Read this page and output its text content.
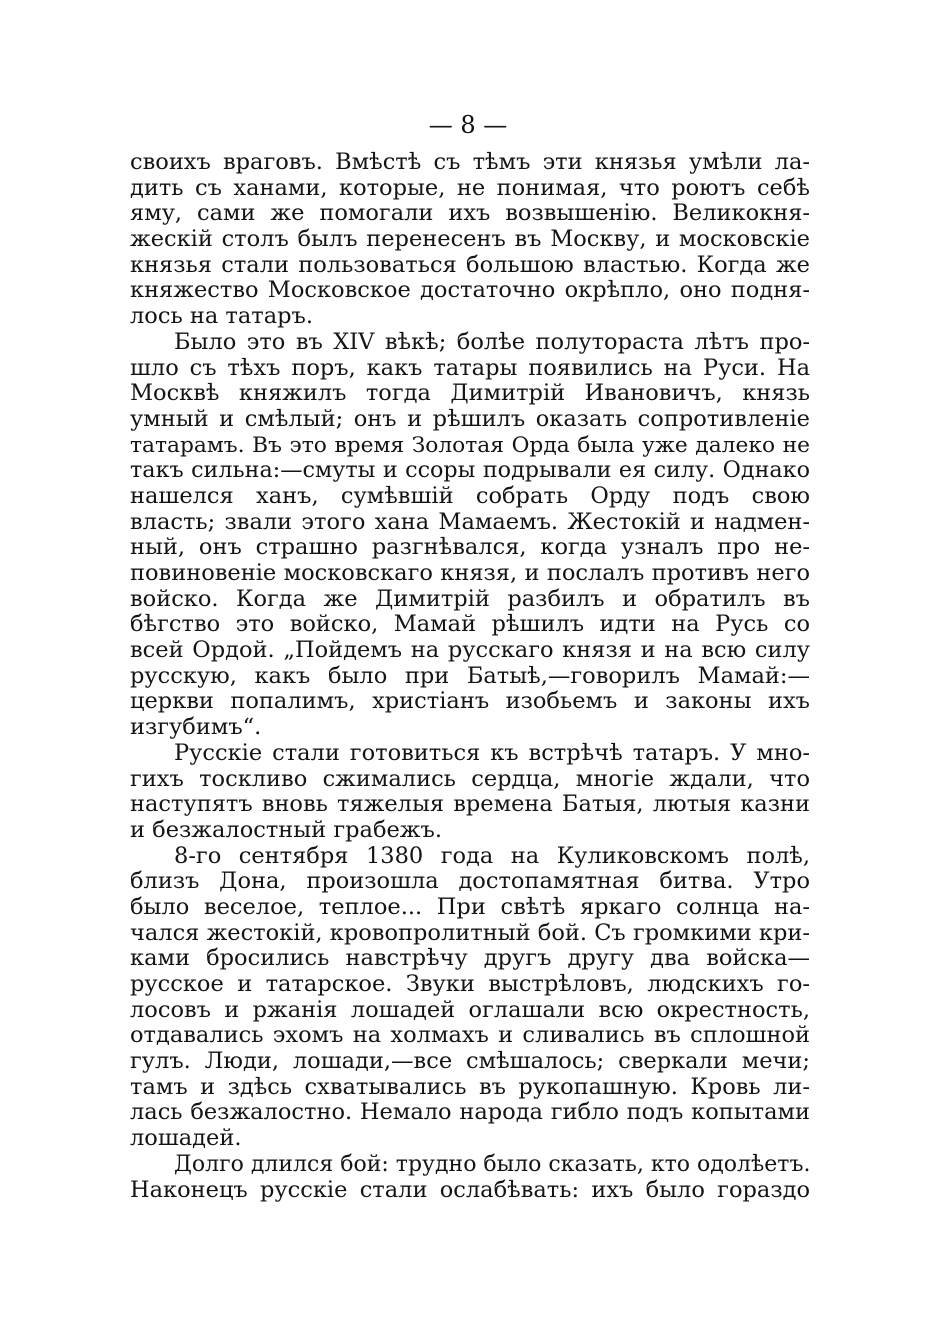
— 8 —
своихъ враговъ. Вмѣстѣ съ тѣмъ эти князья умѣли ла-
дить съ ханами, которые, не понимая, что роютъ себѣ
яму, сами же помогали ихъ возвышенiю. Великокня-
жескiй столъ былъ перенесенъ въ Москву, и московскiе
князья стали пользоваться большою властью. Когда же
княжество Московское достаточно окрѣпло, оно подня-
лось на татаръ.
Было это въ XIV вѣкѣ; болѣе полутораста лѣтъ про-
шло съ тѣхъ поръ, какъ татары появились на Руси. На
Москвѣ княжилъ тогда Димитрiй Ивановичъ, князь
умный и смѣлый; онъ и рѣшилъ оказать сопротивленiе
татарамъ. Въ это время Золотая Орда была уже далеко не
такъ сильна:—смуты и ссоры подрывали ея силу. Однако
нашелся ханъ, сумѣвшiй собрать Орду подъ свою
власть; звали этого хана Мамаемъ. Жестокiй и надмен-
ный, онъ страшно разгнѣвался, когда узналъ про не-
повиновенiе московскаго князя, и послалъ противъ него
войско. Когда же Димитрiй разбилъ и обратилъ въ
бѣгство это войско, Мамай рѣшилъ идти на Русь со
всей Ордой. „Пойдемъ на русскаго князя и на всю силу
русскую, какъ было при Батыѣ,—говорилъ Мамай:—
церкви попалимъ, христiанъ изобьемъ и законы ихъ
изгубимъ“.
Русскiе стали готовиться къ встрѣчѣ татаръ. У мно-
гихъ тоскливо сжимались сердца, многiе ждали, что
наступятъ вновь тяжелыя времена Батыя, лютыя казни
и безжалостный грабежъ.
8-го сентября 1380 года на Куликовскомъ полѣ,
близъ Дона, произошла достопамятная битва. Утро
было веселое, теплое... При свѣтѣ яркаго солнца на-
чался жестокiй, кровопролитный бой. Съ громкими кри-
ками бросились навстрѣчу другъ другу два войска—
русское и татарское. Звуки выстрѣловъ, людскихъ го-
лосовъ и ржанiя лошадей оглашали всю окрестность,
отдавались эхомъ на холмахъ и сливались въ сплошной
гулъ. Люди, лошади,—все смѣшалось; сверкали мечи;
тамъ и здѣсь схватывались въ рукопашную. Кровь ли-
лась безжалостно. Немало народа гибло подъ копытами
лошадей.
Долго длился бой: трудно было сказать, кто одолѣетъ.
Наконецъ русскiе стали ослабѣвать: ихъ было гораздо
